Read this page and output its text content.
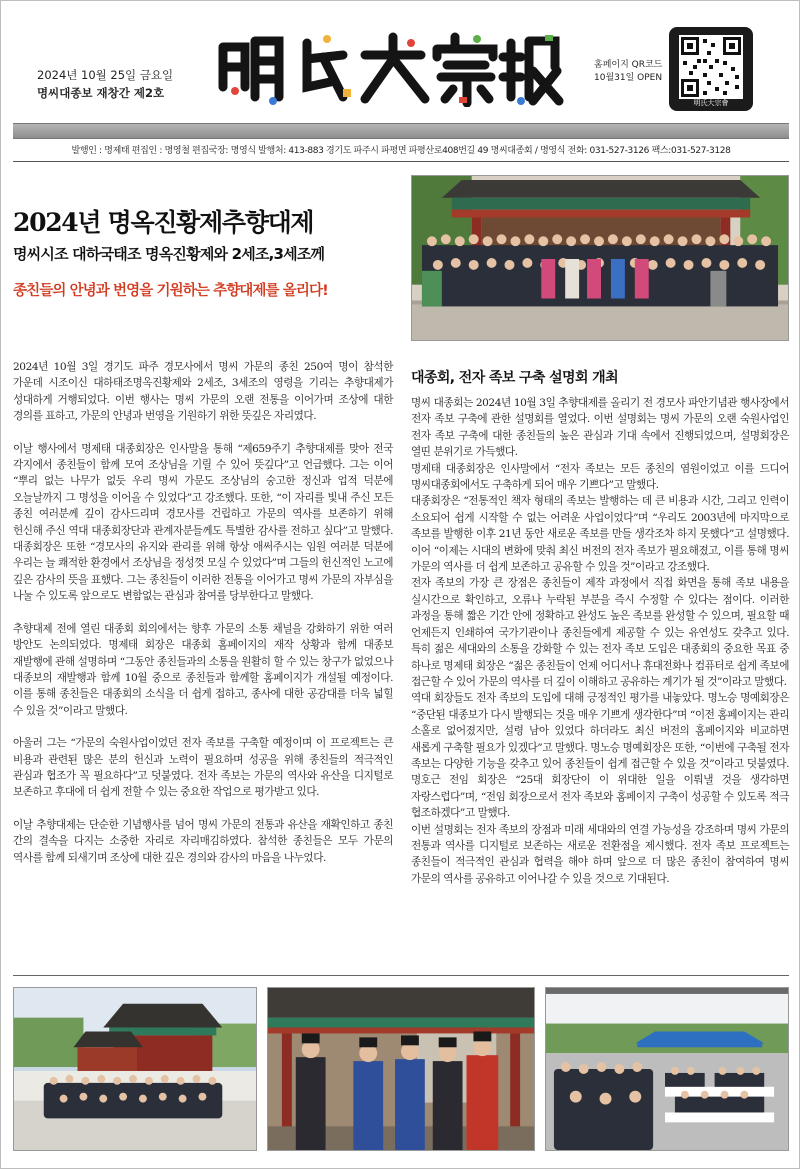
2024년 10월 25일 금요일
명씨대종보 재창간 제2호
홈페이지 QR코드
10월31일 OPEN
明氏大宗會
발행인 : 명제태 편집인 : 명영철 편집국장: 명영식 발행처: 413-883 경기도 파주시 파평면 파평산로408번길 49 명씨대종회 / 명영식 전화: 031-527-3126 팩스:031-527-3128
2024년 명옥진황제추향대제
명씨시조 대하국태조 명옥진황제와 2세조,3세조께
종친들의 안녕과 번영을 기원하는 추향대제를 올리다!

2024년 10월 3일 경기도 파주 경모사에서 명씨 가문의 종친 250여 명이 참석한 가운데 시조이신 대하태조명옥진황제와 2세조, 3세조의 영령을 기리는 추향대제가 성대하게 거행되었다. 이번 행사는 명씨 가문의 오랜 전통을 이어가며 조상에 대한 경의를 표하고, 가문의 안녕과 번영을 기원하기 위한 뜻깊은 자리였다.

이날 행사에서 명제태 대종회장은 인사말을 통해 “제659주기 추향대제를 맞아 전국 각지에서 종친들이 함께 모여 조상님을 기릴 수 있어 뜻깊다”고 언급했다. 그는 이어 “뿌리 없는 나무가 없듯 우리 명씨 가문도 조상님의 숭고한 정신과 업적 덕분에 오늘날까지 그 명성을 이어올 수 있었다”고 강조했다. 또한, “이 자리를 빛내 주신 모든 종친 여러분께 깊이 감사드리며 경모사를 건립하고 가문의 역사를 보존하기 위해 헌신해 주신 역대 대종회장단과 관계자분들께도 특별한 감사를 전하고 싶다”고 말했다. 대종회장은 또한 “경모사의 유지와 관리를 위해 항상 애써주시는 임원 여러분 덕분에 우리는 늘 쾌적한 환경에서 조상님을 정성껏 모실 수 있었다”며 그들의 헌신적인 노고에 깊은 감사의 뜻을 표했다. 그는 종친들이 이러한 전통을 이어가고 명씨 가문의 자부심을 나눌 수 있도록 앞으로도 변함없는 관심과 참여를 당부한다고 말했다.

추향대제 전에 열린 대종회 회의에서는 향후 가문의 소통 채널을 강화하기 위한 여러 방안도 논의되었다. 명제태 회장은 대종회 홈페이지의 재작 상황과 함께 대종보 재발행에 관해 설명하며 “그동안 종친들과의 소통을 원활히 할 수 있는 창구가 없었으나 대종보의 재발행과 함께 10월 중으로 종친들과 함께할 홈페이지가 개설될 예정이다. 이를 통해 종친들은 대종회의 소식을 더 쉽게 접하고, 종사에 대한 공감대를 더욱 넓힐 수 있을 것”이라고 말했다.

아울러 그는 “가문의 숙원사업이었던 전자 족보를 구축할 예정이며 이 프로젝트는 큰 비용과 관련된 많은 분의 헌신과 노력이 필요하며 성공을 위해 종친들의 적극적인 관심과 협조가 꼭 필요하다”고 덧붙였다. 전자 족보는 가문의 역사와 유산을 디지털로 보존하고 후대에 더 쉽게 전할 수 있는 중요한 작업으로 평가받고 있다.

이날 추향대제는 단순한 기념행사를 넘어 명씨 가문의 전통과 유산을 재확인하고 종친 간의 결속을 다지는 소중한 자리로 자리매김하였다. 참석한 종친들은 모두 가문의 역사를 함께 되새기며 조상에 대한 깊은 경의와 감사의 마음을 나누었다.

대종회, 전자 족보 구축 설명회 개최

명씨 대종회는 2024년 10월 3일 추향대제를 올리기 전 경모사 파안기념관 행사장에서 전자 족보 구축에 관한 설명회를 열었다. 이번 설명회는 명씨 가문의 오랜 숙원사업인 전자 족보 구축에 대한 종친들의 높은 관심과 기대 속에서 진행되었으며, 설명회장은 열띤 분위기로 가득했다.

명제태 대종회장은 인사말에서 “전자 족보는 모든 종친의 염원이었고 이를 드디어 명씨대종회에서도 구축하게 되어 매우 기쁘다”고 말했다.

대종회장은 “전통적인 책자 형태의 족보는 발행하는 데 큰 비용과 시간, 그리고 인력이 소요되어 쉽게 시작할 수 없는 어려운 사업이었다”며 “우리도 2003년에 마지막으로 족보를 발행한 이후 21년 동안 새로운 족보를 만들 생각조차 하지 못했다”고 설명했다. 이어 “이제는 시대의 변화에 맞춰 최신 버전의 전자 족보가 필요해졌고, 이를 통해 명씨 가문의 역사를 더 쉽게 보존하고 공유할 수 있을 것”이라고 강조했다.

전자 족보의 가장 큰 장점은 종친들이 제작 과정에서 직접 화면을 통해 족보 내용을 실시간으로 확인하고, 오류나 누락된 부분을 즉시 수정할 수 있다는 점이다. 이러한 과정을 통해 짧은 기간 안에 정확하고 완성도 높은 족보를 완성할 수 있으며, 필요할 때 언제든지 인쇄하여 국가기관이나 종친들에게 제공할 수 있는 유연성도 갖추고 있다. 특히 젊은 세대와의 소통을 강화할 수 있는 전자 족보 도입은 대종회의 중요한 목표 중 하나로 명제태 회장은 “젊은 종친들이 언제 어디서나 휴대전화나 컴퓨터로 쉽게 족보에 접근할 수 있어 가문의 역사를 더 깊이 이해하고 공유하는 계기가 될 것”이라고 말했다.

역대 회장들도 전자 족보의 도입에 대해 긍정적인 평가를 내놓았다. 명노승 명예회장은 “중단된 대종보가 다시 발행되는 것을 매우 기쁘게 생각한다”며 “이전 홈페이지는 관리 소홀로 없어졌지만, 설령 남아 있었다 하더라도 최신 버전의 홈페이지와 비교하면 새롭게 구축할 필요가 있겠다”고 말했다. 명노승 명예회장은 또한, “이번에 구축될 전자 족보는 다양한 기능을 갖추고 있어 종친들이 쉽게 접근할 수 있을 것”이라고 덧붙였다. 명호근 전임 회장은 “25대 회장단이 이 위대한 일을 이뤄낼 것을 생각하면 자랑스럽다”며, “전임 회장으로서 전자 족보와 홈페이지 구축이 성공할 수 있도록 적극 협조하겠다”고 말했다.

이번 설명회는 전자 족보의 장점과 미래 세대와의 연결 가능성을 강조하며 명씨 가문의 전통과 역사를 디지털로 보존하는 새로운 전환점을 제시했다. 전자 족보 프로젝트는 종친들이 적극적인 관심과 협력을 해야 하며 앞으로 더 많은 종친이 참여하여 명씨 가문의 역사를 공유하고 이어나갈 수 있을 것으로 기대된다.
